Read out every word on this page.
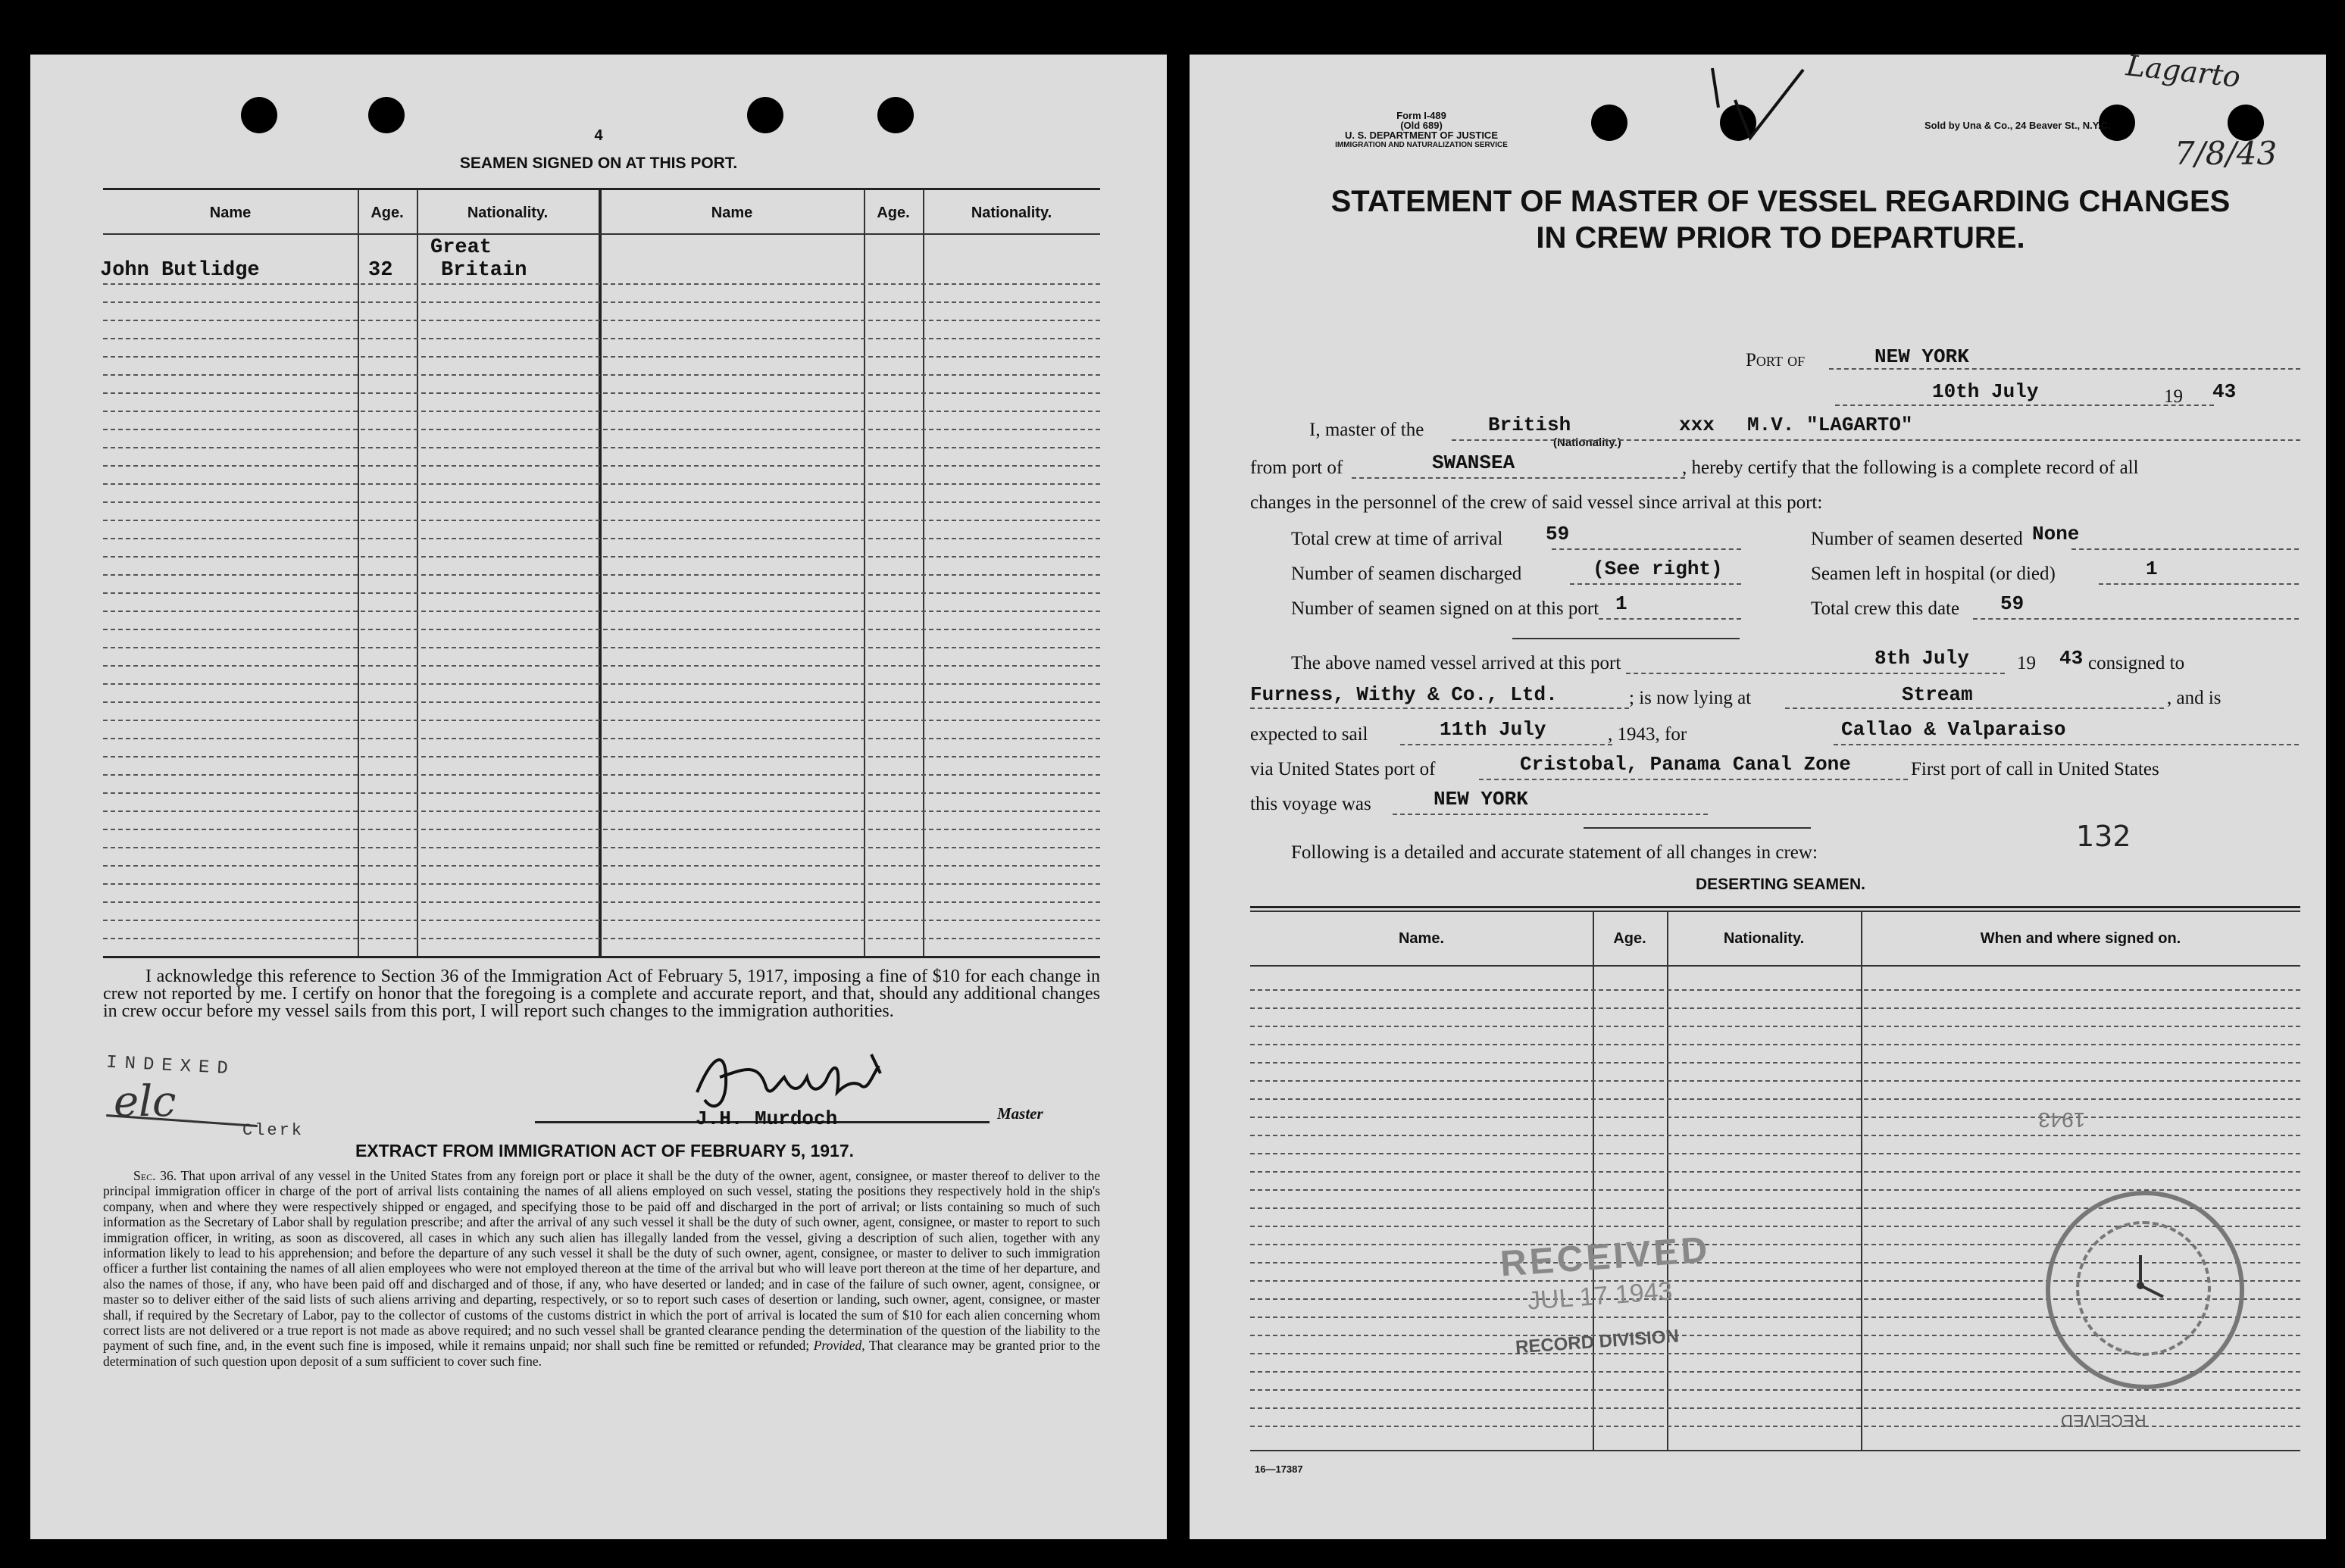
4
SEAMEN SIGNED ON AT THIS PORT.
Name	Age.	Nationality.	Name	Age.	Nationality.
John Butlidge	32
Great
Britain
I acknowledge this reference to Section 36 of the Immigration Act of February 5, 1917, imposing a fine of $10 for each change in crew not reported by me. I certify on honor that the foregoing is a complete and accurate report, and that, should any additional changes in crew occur before my vessel sails from this port, I will report such changes to the immigration authorities.
INDEXED
elc
Clerk
J.H. Murdoch	Master
EXTRACT FROM IMMIGRATION ACT OF FEBRUARY 5, 1917.
Sec. 36. That upon arrival of any vessel in the United States from any foreign port or place it shall be the duty of the owner, agent, consignee, or master thereof to deliver to the principal immigration officer in charge of the port of arrival lists containing the names of all aliens employed on such vessel, stating the positions they respectively hold in the ship's company, when and where they were respectively shipped or engaged, and specifying those to be paid off and discharged in the port of arrival; or lists containing so much of such information as the Secretary of Labor shall by regulation prescribe; and after the arrival of any such vessel it shall be the duty of such owner, agent, consignee, or master to report to such immigration officer, in writing, as soon as discovered, all cases in which any such alien has illegally landed from the vessel, giving a description of such alien, together with any information likely to lead to his apprehension; and before the departure of any such vessel it shall be the duty of such owner, agent, consignee, or master to deliver to such immigration officer a further list containing the names of all alien employees who were not employed thereon at the time of the arrival but who will leave port thereon at the time of her departure, and also the names of those, if any, who have been paid off and discharged and of those, if any, who have deserted or landed; and in case of the failure of such owner, agent, consignee, or master so to deliver either of the said lists of such aliens arriving and departing, respectively, or so to report such cases of desertion or landing, such owner, agent, consignee, or master shall, if required by the Secretary of Labor, pay to the collector of customs of the customs district in which the port of arrival is located the sum of $10 for each alien concerning whom correct lists are not delivered or a true report is not made as above required; and no such vessel shall be granted clearance pending the determination of the question of the liability to the payment of such fine, and, in the event such fine is imposed, while it remains unpaid; nor shall such fine be remitted or refunded; Provided, That clearance may be granted prior to the determination of such question upon deposit of a sum sufficient to cover such fine.
Lagarto
7/8/43
Form I-489
(Old 689)
U. S. DEPARTMENT OF JUSTICE
IMMIGRATION AND NATURALIZATION SERVICE
Sold by Una & Co., 24 Beaver St., N.Y.C.
STATEMENT OF MASTER OF VESSEL REGARDING CHANGES
IN CREW PRIOR TO DEPARTURE.
Port of	NEW YORK
10th July	19 43
I, master of the	British
(Nationality.)
xxx M.V. "LAGARTO"
from port of	SWANSEA	, hereby certify that the following is a complete record of all
changes in the personnel of the crew of said vessel since arrival at this port:
Total crew at time of arrival 59	Number of seamen deserted None
Number of seamen discharged	(See right)	Seamen left in hospital (or died)	1
Number of seamen signed on at this port 1	Total crew this date 59
The above named vessel arrived at this port	8th July	19 43 consigned to
Furness, Withy & Co., Ltd.	; is now lying at	Stream	, and is
expected to sail	11th July	, 1943, for	Callao & Valparaiso
via United States port of	Cristobal, Panama Canal Zone	First port of call in United States
this voyage was	NEW YORK
132
Following is a detailed and accurate statement of all changes in crew:
DESERTING SEAMEN.
Name.	Age.	Nationality.	When and where signed on.
RECEIVED
JUL 17 1943
RECORD DIVISION
1943
RECEIVED
16—17387
